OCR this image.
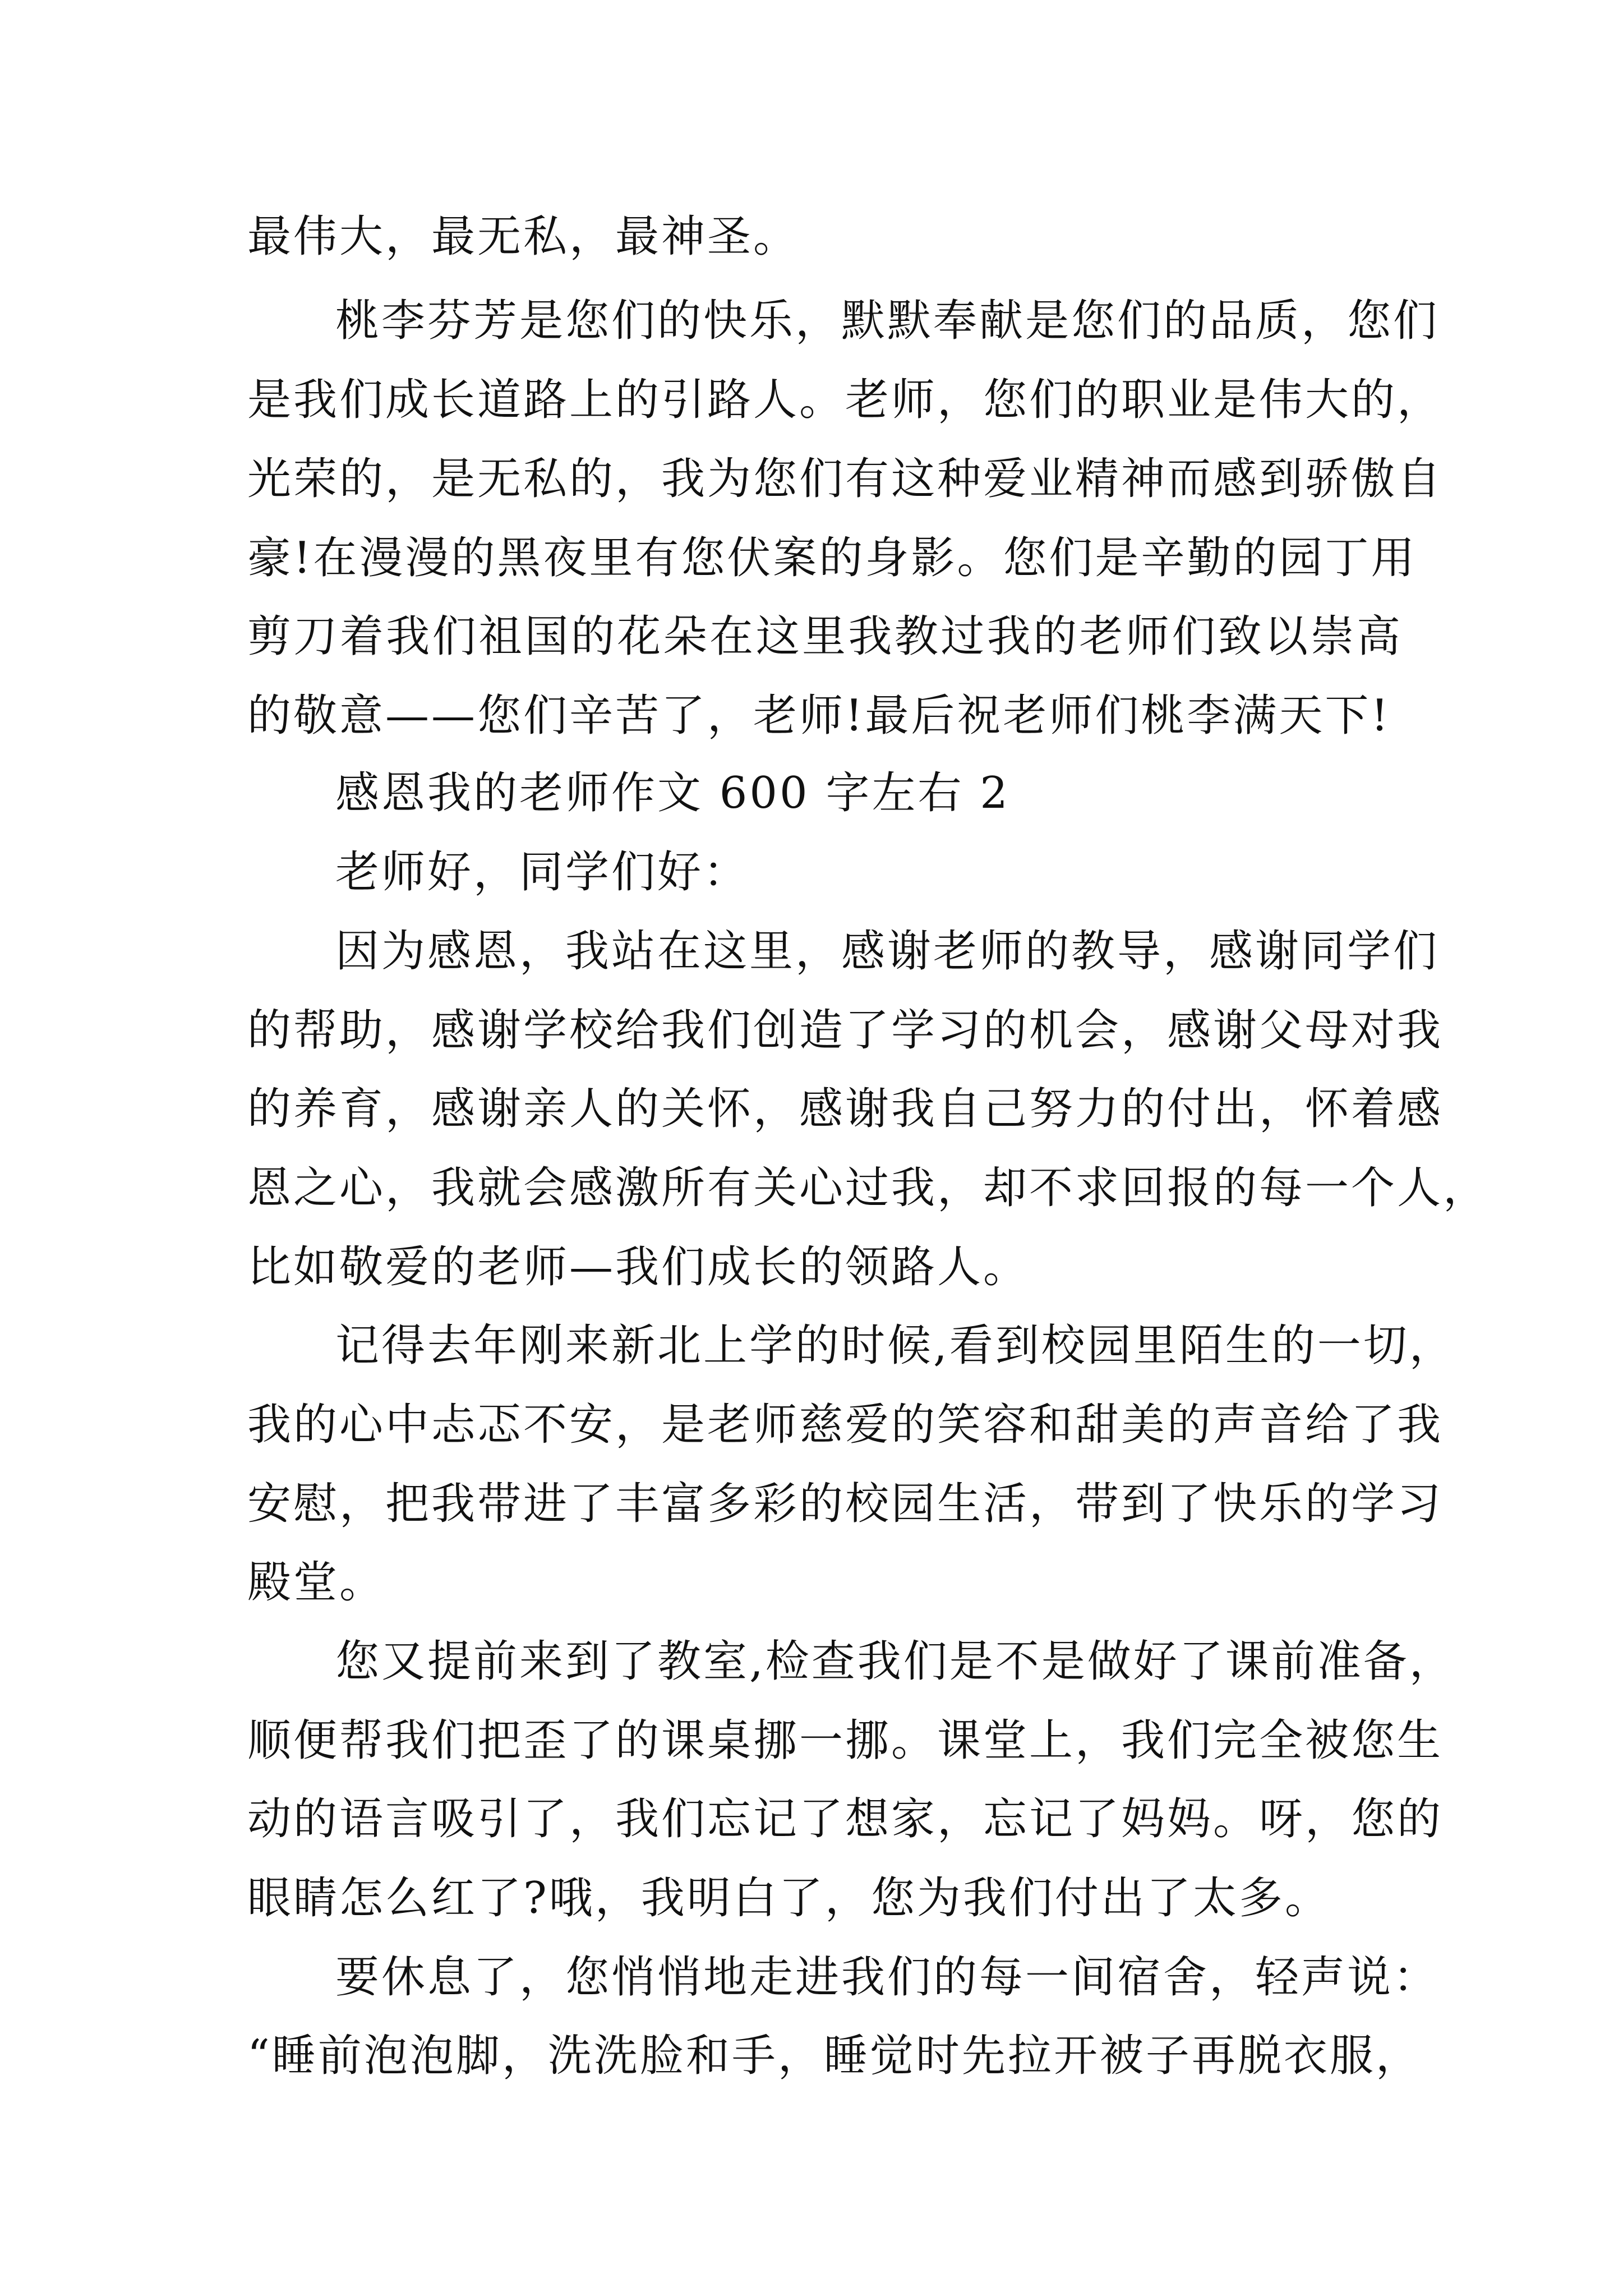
最伟大，最无私，最神圣。
桃李芬芳是您们的快乐，默默奉献是您们的品质，您们
是我们成长道路上的引路人。老师，您们的职业是伟大的，
光荣的，是无私的，我为您们有这种爱业精神而感到骄傲自
豪!在漫漫的黑夜里有您伏案的身影。您们是辛勤的园丁用
剪刀着我们祖国的花朵在这里我教过我的老师们致以崇高
的敬意——您们辛苦了，老师!最后祝老师们桃李满天下!
感恩我的老师作文 600 字左右 2
老师好，同学们好：
因为感恩，我站在这里，感谢老师的教导，感谢同学们
的帮助，感谢学校给我们创造了学习的机会，感谢父母对我
的养育，感谢亲人的关怀，感谢我自己努力的付出，怀着感
恩之心，我就会感激所有关心过我，却不求回报的每一个人，
比如敬爱的老师—我们成长的领路人。
记得去年刚来新北上学的时候,看到校园里陌生的一切，
我的心中忐忑不安，是老师慈爱的笑容和甜美的声音给了我
安慰，把我带进了丰富多彩的校园生活，带到了快乐的学习
殿堂。
您又提前来到了教室,检查我们是不是做好了课前准备，
顺便帮我们把歪了的课桌挪一挪。课堂上，我们完全被您生
动的语言吸引了，我们忘记了想家，忘记了妈妈。呀，您的
眼睛怎么红了?哦，我明白了，您为我们付出了太多。
要休息了，您悄悄地走进我们的每一间宿舍，轻声说：
“睡前泡泡脚，洗洗脸和手，睡觉时先拉开被子再脱衣服，
